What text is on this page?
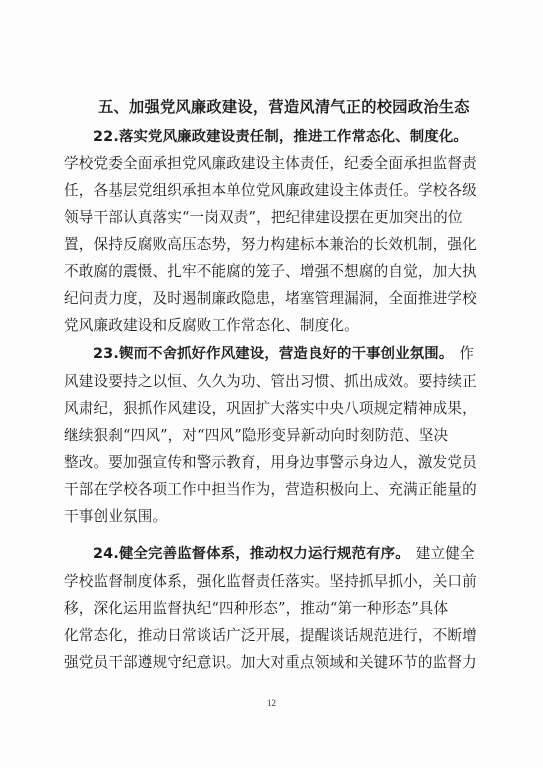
五、加强党风廉政建设，营造风清气正的校园政治生态
22.落实党风廉政建设责任制，推进工作常态化、制度化。
学校党委全面承担党风廉政建设主体责任，纪委全面承担监督责
任，各基层党组织承担本单位党风廉政建设主体责任。学校各级
领导干部认真落实“一岗双责”，把纪律建设摆在更加突出的位
置，保持反腐败高压态势，努力构建标本兼治的长效机制，强化
不敢腐的震慑、扎牢不能腐的笼子、增强不想腐的自觉，加大执
纪问责力度，及时遏制廉政隐患，堵塞管理漏洞，全面推进学校
党风廉政建设和反腐败工作常态化、制度化。
23.锲而不舍抓好作风建设，营造良好的干事创业氛围。 作
风建设要持之以恒、久久为功、管出习惯、抓出成效。要持续正
风肃纪，狠抓作风建设，巩固扩大落实中央八项规定精神成果，
继续狠刹“四风”，对“四风”隐形变异新动向时刻防范、坚决
整改。要加强宣传和警示教育，用身边事警示身边人，激发党员
干部在学校各项工作中担当作为，营造积极向上、充满正能量的
干事创业氛围。
24.健全完善监督体系，推动权力运行规范有序。 建立健全
学校监督制度体系，强化监督责任落实。坚持抓早抓小，关口前
移，深化运用监督执纪“四种形态”，推动“第一种形态”具体
化常态化，推动日常谈话广泛开展，提醒谈话规范进行，不断增
强党员干部遵规守纪意识。加大对重点领域和关键环节的监督力
12
